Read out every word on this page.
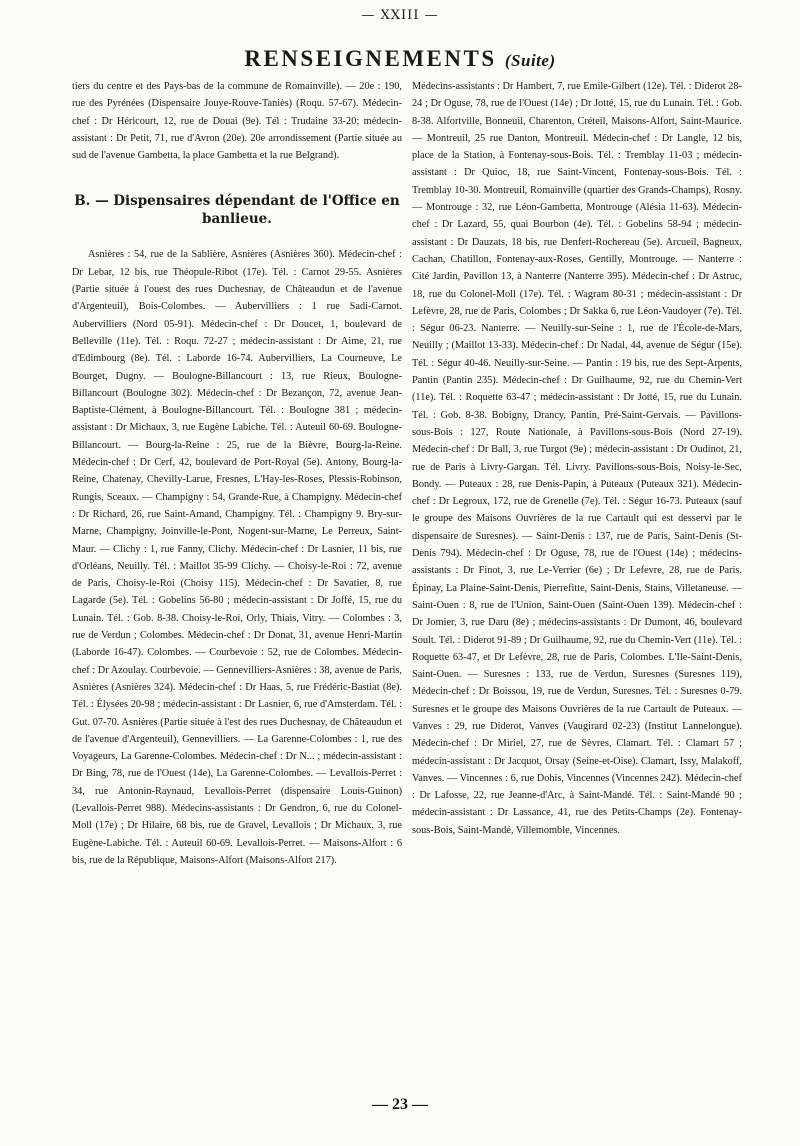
— XXIII —
RENSEIGNEMENTS (Suite)

tiers du centre et des Pays-bas de la commune de Romainville). — 20e : 190, rue des Pyrénées (Dispensaire Jouye-Rouve-Taniès) (Roqu. 57-67). Médecin-chef : Dr Héricourt, 12, rue de Douai (9e). Tél : Trudaine 33-20; médecin-assistant : Dr Petit, 71, rue d'Avron (20e). 20e arrondissement (Partie située au sud de l'avenue Gambetta, la place Gambetta et la rue Belgrand).

B. — Dispensaires dépendant de l'Office en banlieue.

Asnières : 54, rue de la Sablière, Asnières (Asnières 360). Médecin-chef : Dr Lebar, 12 bis, rue Théopule-Ribot (17e). Tél. : Carnot 29-55. Asnières (Partie située à l'ouest des rues Duchesnay, de Châteaudun et de l'avenue d'Argenteuil), Bois-Colombes. — Aubervilliers : 1 rue Sadi-Carnot. Aubervilliers (Nord 05-91). Médecin-chef : Dr Doucet, 1, boulevard de Belleville (11e). Tél. : Roqu. 72-27 ; médecin-assistant : Dr Aime, 21, rue d'Edimbourg (8e). Tél. : Laborde 16-74. Aubervilliers, La Courneuve, Le Bourget, Dugny. — Boulogne-Billancourt : 13, rue Rieux, Boulogne-Billancourt (Boulogne 302). Médecin-chef : Dr Bezançon, 72, avenue Jean-Baptiste-Clément, à Boulogne-Billancourt. Tél. : Boulogne 381 ; médecin-assistant : Dr Michaux, 3, rue Eugène Labiche. Tél. : Auteuil 60-69. Boulogne-Billancourt. — Bourg-la-Reine : 25, rue de la Bièvre, Bourg-la-Reine. Médecin-chef : Dr Cerf, 42, boulevard de Port-Royal (5e). Antony, Bourg-la-Reine, Chatenay, Chevilly-Larue, Fresnes, L'Hay-les-Roses, Plessis-Robinson, Rungis, Sceaux. — Champigny : 54, Grande-Rue, à Champigny. Médecin-chef : Dr Richard, 26, rue Saint-Amand, Champigny. Tél. : Champigny 9. Bry-sur-Marne, Champigny, Joinville-le-Pont, Nogent-sur-Marne, Le Perreux, Saint-Maur. — Clichy : 1, rue Fanny, Clichy. Médecin-chef : Dr Lasnier, 11 bis, rue d'Orléans, Neuilly. Tél. : Maillot 35-99 Clichy. — Choisy-le-Roi : 72, avenue de Paris, Choisy-le-Roi (Choisy 115). Médecin-chef : Dr Savatier, 8, rue Lagarde (5e). Tél. : Gobelins 56-80 ; médecin-assistant : Dr Joffé, 15, rue du Lunain. Tél. : Gob. 8-38. Choisy-le-Roi, Orly, Thiais, Vitry. — Colombes : 3, rue de Verdun ; Colombes. Médecin-chef : Dr Donat, 31, avenue Henri-Martin (Laborde 16-47). Colombes. — Courbevoie : 52, rue de Colombes. Médecin-chef : Dr Azoulay. Courbevoie. — Gennevilliers-Asnières : 38, avenue de Paris, Asnières (Asnières 324). Médecin-chef : Dr Haas, 5, rue Frédéric-Bastiat (8e). Tél. : Élysées 20-98 ; médecin-assistant : Dr Lasnier, 6, rue d'Amsterdam. Tél. : Gut. 07-70. Asnières (Partie située à l'est des rues Duchesnay, de Châteaudun et de l'avenue d'Argenteuil), Gennevilliers. — La Garenne-Colombes : 1, rue des Voyageurs, La Garenne-Colombes. Médecin-chef : Dr N... ; médecin-assistant : Dr Bing, 78, rue de l'Ouest (14e), La Garenne-Colombes. — Levallois-Perret : 34, rue Antonin-Raynaud, Levallois-Perret (dispensaire Louis-Guinon) (Levallois-Perret 988). Médecins-assistants : Dr Gendron, 6, rue du Colonel-Moll (17e) ; Dr Hilaire, 68 bis, rue de Gravel, Levallois ; Dr Michaux, 3, rue Eugène-Labiche. Tél. : Auteuil 60-69. Levallois-Perret. — Maisons-Alfort : 6 bis, rue de la République, Maisons-Alfort (Maisons-Alfort 217).

Médecins-assistants : Dr Hambert, 7, rue Emile-Gilbert (12e). Tél. : Diderot 28-24 ; Dr Oguse, 78, rue de l'Ouest (14e) ; Dr Jotté, 15, rue du Lunain. Tél. : Gob. 8-38. Alfortville, Bonneuil, Charenton, Créteil, Maisons-Alfort, Saint-Maurice. — Montreuil, 25 rue Danton, Montreuil. Médecin-chef : Dr Langle, 12 bis, place de la Station, à Fontenay-sous-Bois. Tél. : Tremblay 11-03 ; médecin-assistant : Dr Quioc, 18, rue Saint-Vincent, Fontenay-sous-Bois. Tél. : Tremblay 10-30. Montreuil, Romainville (quartier des Grands-Champs), Rosny. — Montrouge : 32, rue Léon-Gambetta, Montrouge (Alésia 11-63). Médecin-chef : Dr Lazard, 55, quai Bourbon (4e). Tél. : Gobelins 58-94 ; médecin-assistant : Dr Dauzats, 18 bis, rue Denfert-Rochereau (5e). Arcueil, Bagneux, Cachan, Chatillon, Fontenay-aux-Roses, Gentilly, Montrouge. — Nanterre : Cité Jardin, Pavillon 13, à Nanterre (Nanterre 395). Médecin-chef : Dr Astruc, 18, rue du Colonel-Moll (17e). Tél. : Wagram 80-31 ; médecin-assistant : Dr Lefèvre, 28, rue de Paris, Colombes ; Dr Sakka 6, rue Léon-Vaudoyer (7e). Tél. : Ségur 06-23. Nanterre. — Neuilly-sur-Seine : 1, rue de l'École-de-Mars, Neuilly ; (Maillot 13-33). Médecin-chef : Dr Nadal, 44, avenue de Ségur (15e). Tél. : Ségur 40-46. Neuilly-sur-Seine. — Pantin : 19 bis, rue des Sept-Arpents, Pantin (Pantin 235). Médecin-chef : Dr Guilhaume, 92, rue du Chemin-Vert (11e). Tél. : Roquette 63-47 ; médecin-assistant : Dr Jotté, 15, rue du Lunain. Tél. : Gob. 8-38. Bobigny, Drancy, Pantin, Pré-Saint-Gervais. — Pavillons-sous-Bois : 127, Route Nationale, à Pavillons-sous-Bois (Nord 27-19). Médecin-chef : Dr Ball, 3, rue Turgot (9e) ; médecin-assistant : Dr Oudinot, 21, rue de Paris à Livry-Gargan. Tél. Livry. Pavillons-sous-Bois, Noisy-le-Sec, Bondy. — Puteaux : 28, rue Denis-Papin, à Puteaux (Puteaux 321). Médecin-chef : Dr Legroux, 172, rue de Grenelle (7e). Tél. : Ségur 16-73. Puteaux (sauf le groupe des Maisons Ouvrières de la rue Cartault qui est desservi par le dispensaire de Suresnes). — Saint-Denis : 137, rue de Paris, Saint-Denis (St-Denis 794). Médecin-chef : Dr Oguse, 78, rue de l'Ouest (14e) ; médecins-assistants : Dr Finot, 3, rue Le-Verrier (6e) ; Dr Lefevre, 28, rue de Paris. Épinay, La Plaine-Saint-Denis, Pierrefitte, Saint-Denis, Stains, Villetaneuse. — Saint-Ouen : 8, rue de l'Union, Saint-Ouen (Saint-Ouen 139). Médecin-chef : Dr Jomier, 3, rue Daru (8e) ; médecins-assistants : Dr Dumont, 46, boulevard Soult. Tél. : Diderot 91-89 ; Dr Guilhaume, 92, rue du Chemin-Vert (11e). Tél. : Roquette 63-47, et Dr Lefèvre, 28, rue de Paris, Colombes. L'Ile-Saint-Denis, Saint-Ouen. — Suresnes : 133, rue de Verdun, Suresnes (Suresnes 119), Médecin-chef : Dr Boissou, 19, rue de Verdun, Suresnes. Tél. : Suresnes 0-79. Suresnes et le groupe des Maisons Ouvrières de la rue Cartault de Puteaux. — Vanves : 29, rue Diderot, Vanves (Vaugirard 02-23) (Institut Lannelongue). Médecin-chef : Dr Miriel, 27, rue de Sèvres, Clamart. Tél. : Clamart 57 ; médecin-assistant : Dr Jacquot, Orsay (Seine-et-Oise). Clamart, Issy, Malakoff, Vanves. — Vincennes : 6, rue Dohis, Vincennes (Vincennes 242). Médecin-chef : Dr Lafosse, 22, rue Jeanne-d'Arc, à Saint-Mandé. Tél. : Saint-Mandé 90 ; médecin-assistant : Dr Lassance, 41, rue des Petits-Champs (2e). Fontenay-sous-Bois, Saint-Mandé, Villemomble, Vincennes.

— 23 —
